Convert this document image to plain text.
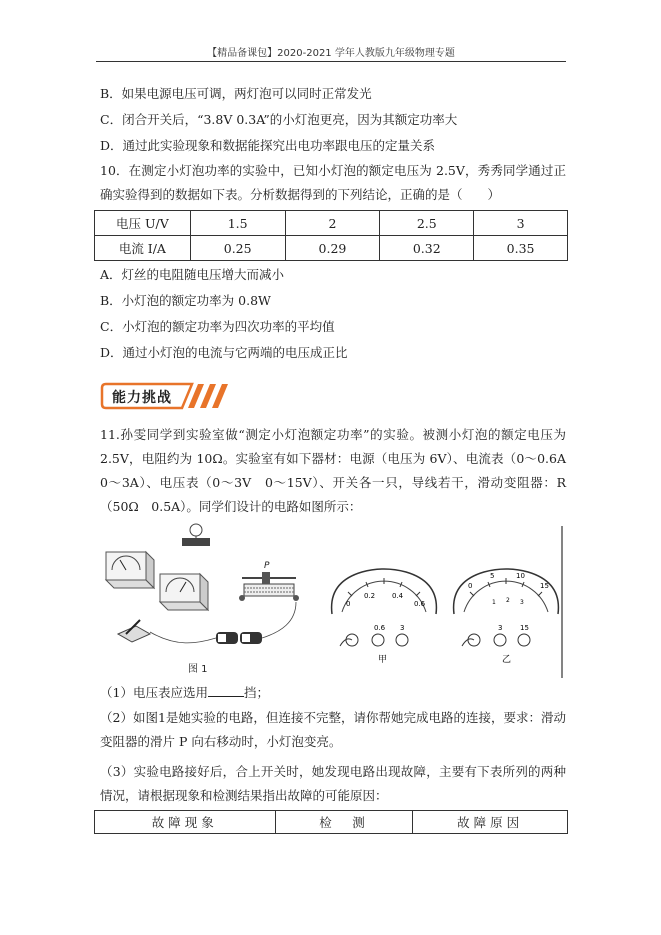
【精品备课包】2020-2021 学年人教版九年级物理专题
B．如果电源电压可调，两灯泡可以同时正常发光
C．闭合开关后，“3.8V 0.3A”的小灯泡更亮，因为其额定功率大
D．通过此实验现象和数据能探究出电功率跟电压的定量关系
10．在测定小灯泡功率的实验中，已知小灯泡的额定电压为 2.5V，秀秀同学通过正确实验得到的数据如下表。分析数据得到的下列结论，正确的是（　　）
电压 U/V	1.5	2	2.5	3
电流 I/A	0.25	0.29	0.32	0.35
A．灯丝的电阻随电压增大而减小
B．小灯泡的额定功率为 0.8W
C．小灯泡的额定功率为四次功率的平均值
D．通过小灯泡的电流与它两端的电压成正比
能力挑战
11.孙雯同学到实验室做“测定小灯泡额定功率”的实验。被测小灯泡的额定电压为 2.5V，电阻约为 10Ω。实验室有如下器材：电源（电压为 6V）、电流表（0～0.6A　0～3A）、电压表（0～3V　0～15V）、开关各一只，导线若干，滑动变阻器：R（50Ω　0.5A）。同学们设计的电路如图所示：
P
图 1
0
0.2 0.4
0.6
0.6 3
甲
0
5	10
15
1 2 3
3	15
乙
（1）电压表应选用	挡；
（2）如图1是她实验的电路，但连接不完整，请你帮她完成电路的连接，要求：滑动变阻器的滑片 P 向右移动时，小灯泡变亮。
（3）实验电路接好后，合上开关时，她发现电路出现故障，主要有下表所列的两种情况，请根据现象和检测结果指出故障的可能原因：
故障现象	检　测	故障原因
